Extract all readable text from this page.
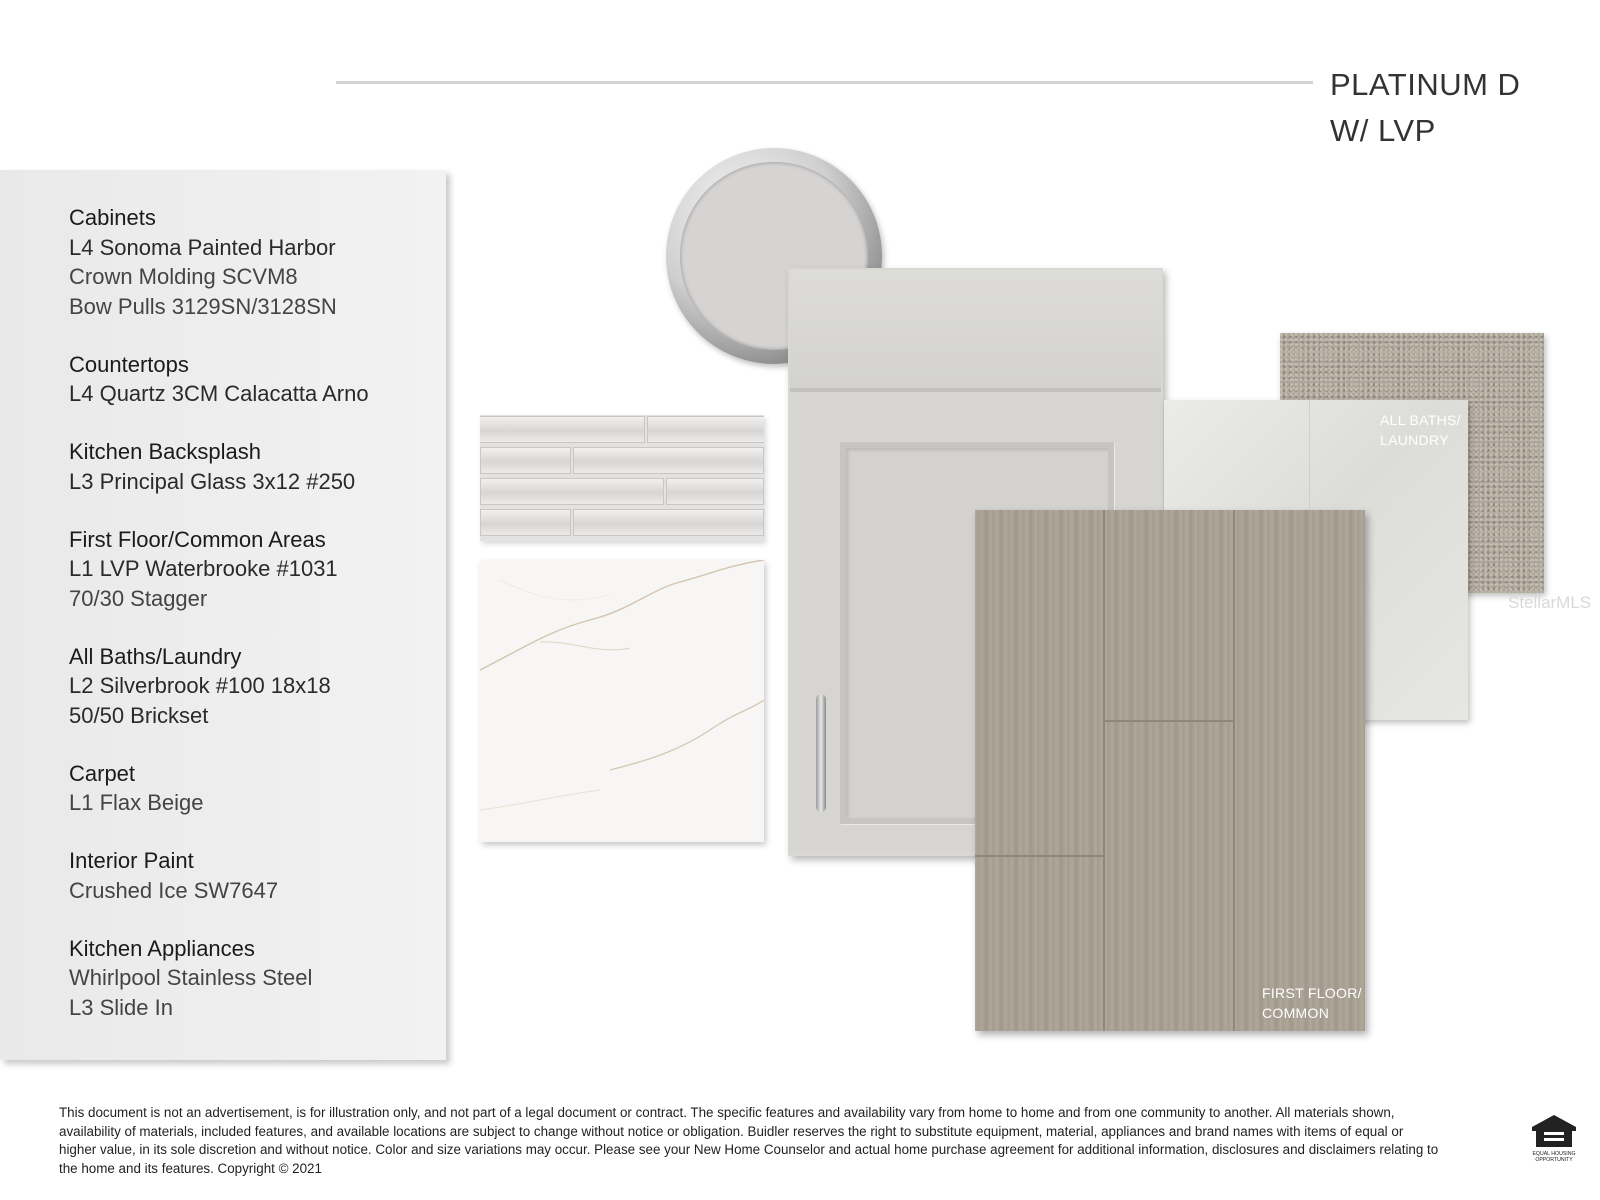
PLATINUM D
W/ LVP
Cabinets
L4 Sonoma Painted Harbor
Crown Molding SCVM8
Bow Pulls 3129SN/3128SN
Countertops
L4 Quartz 3CM Calacatta Arno
Kitchen Backsplash
L3 Principal Glass 3x12 #250
First Floor/Common Areas
L1 LVP Waterbrooke #1031
70/30 Stagger
All Baths/Laundry
L2 Silverbrook #100 18x18
50/50 Brickset
Carpet
L1 Flax Beige
Interior Paint
Crushed Ice SW7647
Kitchen Appliances
Whirlpool Stainless Steel
L3 Slide In
ALL BATHS/
LAUNDRY
FIRST FLOOR/
COMMON
StellarMLS
This document is not an advertisement, is for illustration only, and not part of a legal document or contract. The specific features and availability vary from home to home and from one community to another. All materials shown, availability of materials, included features, and available locations are subject to change without notice or obligation. Buidler reserves the right to substitute equipment, material, appliances and brand names with items of equal or higher value, in its sole discretion and without notice. Color and size variations may occur. Please see your New Home Counselor and actual home purchase agreement for additional information, disclosures and disclaimers relating to the home and its features. Copyright © 2021
EQUAL HOUSING
OPPORTUNITY
